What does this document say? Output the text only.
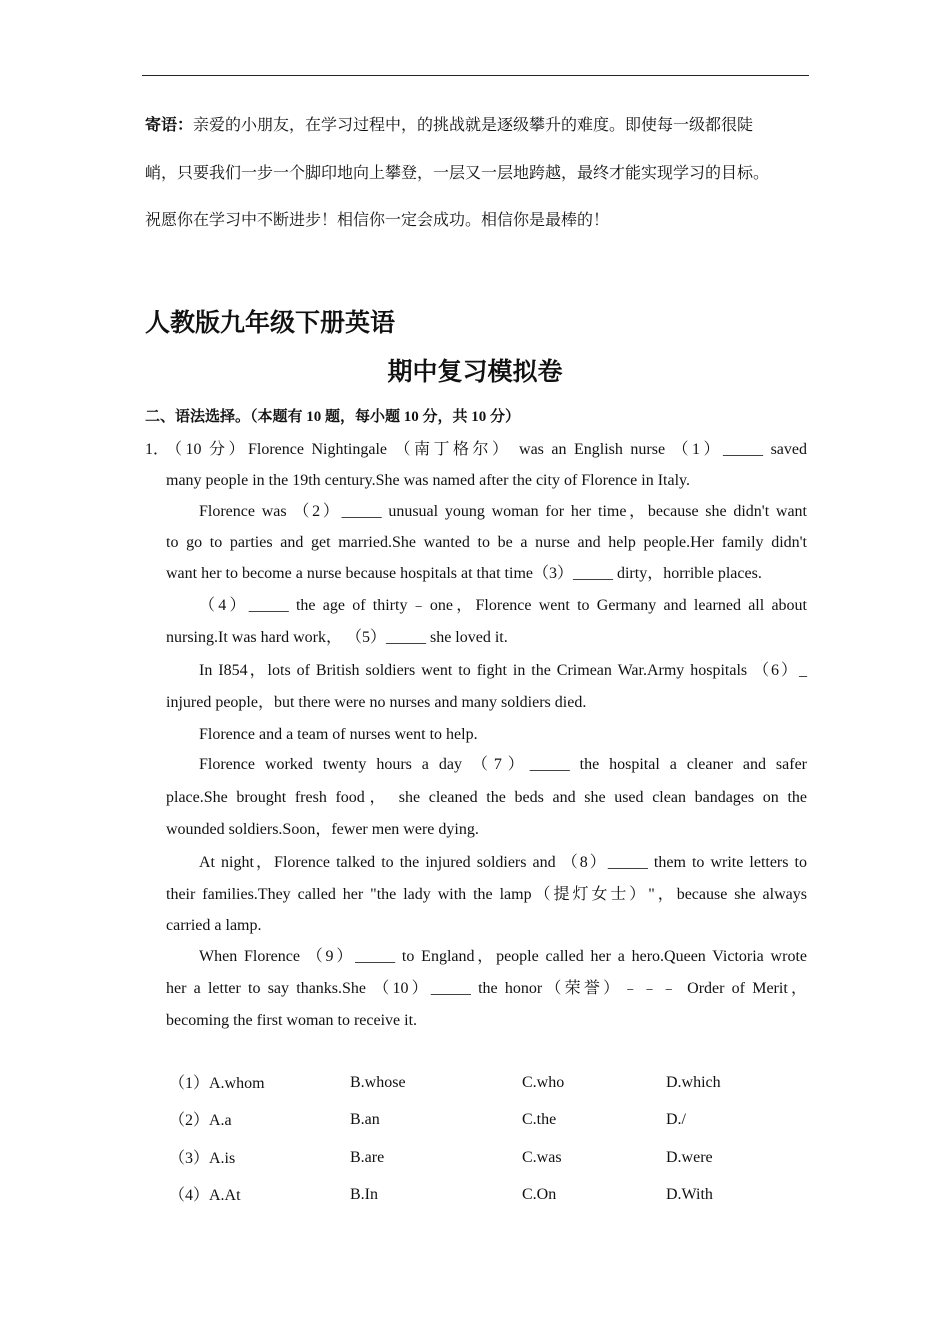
寄语：亲爱的小朋友，在学习过程中，的挑战就是逐级攀升的难度。即使每一级都很陡
峭，只要我们一步一个脚印地向上攀登，一层又一层地跨越，最终才能实现学习的目标。
祝愿你在学习中不断进步！相信你一定会成功。相信你是最棒的！
人教版九年级下册英语
期中复习模拟卷
二、语法选择。（本题有 10 题，每小题 10 分，共 10 分）
1．
（10 分）Florence Nightingale （南丁格尔） was an English nurse （1）_____ saved
many people in the 19th century.She was named after the city of Florence in Italy.
Florence was （2）_____ unusual young woman for her time，because she didn't want
to go to parties and get married.She wanted to be a nurse and help people.Her family didn't
want her to become a nurse because hospitals at that time（3）_____ dirty，horrible places.
（4）_____ the age of thirty﹣one，Florence went to Germany and learned all about
nursing.It was hard work， （5）_____ she loved it.
In I854，lots of British soldiers went to fight in the Crimean War.Army hospitals （6）_
injured people，but there were no nurses and many soldiers died.
Florence and a team of nurses went to help.
Florence worked twenty hours a day （7）_____ the hospital a cleaner and safer
place.She brought fresh food， she cleaned the beds and she used clean bandages on the
wounded soldiers.Soon，fewer men were dying.
At night，Florence talked to the injured soldiers and （8）_____ them to write letters to
their families.They called her "the lady with the lamp（提灯女士）"，because she always
carried a lamp.
When Florence （9）_____ to England，people called her a hero.Queen Victoria wrote
her a letter to say thanks.She （10）_____ the honor（荣誉）﹣﹣﹣ Order of Merit，
becoming the first woman to receive it.
（1）A.whom	B.whose	C.who	D.which
（2）A.a	B.an	C.the	D./
（3）A.is	B.are	C.was	D.were
（4）A.At	B.In	C.On	D.With
